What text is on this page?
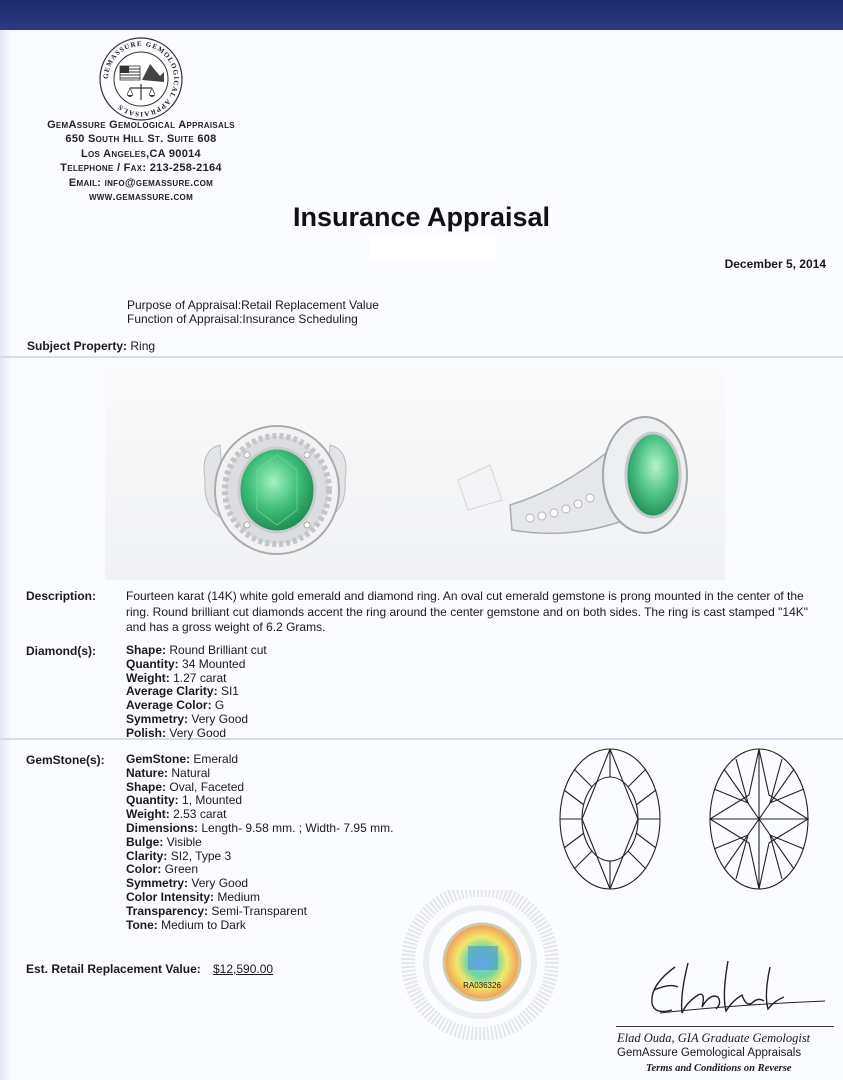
GEMASSURE GEMOLOGICAL APPRAISALS
GemAssure Gemological Appraisals
650 South Hill St. Suite 608
Los Angeles,CA 90014
Telephone / Fax: 213-258-2164
Email: info@gemassure.com
www.gemassure.com
Insurance Appraisal
December 5, 2014
Purpose of Appraisal:Retail Replacement Value
Function of Appraisal:Insurance Scheduling
Subject Property: Ring
Description: Fourteen karat (14K) white gold emerald and diamond ring. An oval cut emerald gemstone is prong mounted in the center of the ring. Round brilliant cut diamonds accent the ring around the center gemstone and on both sides. The ring is cast stamped "14K" and has a gross weight of 6.2 Grams.
Diamond(s):	Shape: Round Brilliant cut
Quantity: 34 Mounted
Weight: 1.27 carat
Average Clarity: SI1
Average Color: G
Symmetry: Very Good
Polish: Very Good
GemStone(s): GemStone: Emerald
Nature: Natural
Shape: Oval, Faceted
Quantity: 1, Mounted
Weight: 2.53 carat
Dimensions: Length- 9.58 mm. ; Width- 7.95 mm.
Bulge: Visible
Clarity: SI2, Type 3
Color: Green
Symmetry: Very Good
Color Intensity: Medium
Transparency: Semi-Transparent
Tone: Medium to Dark
RA036326
Est. Retail Replacement Value: $12,590.00
Elad Ouda, GIA Graduate Gemologist
GemAssure Gemological Appraisals
Terms and Conditions on Reverse
